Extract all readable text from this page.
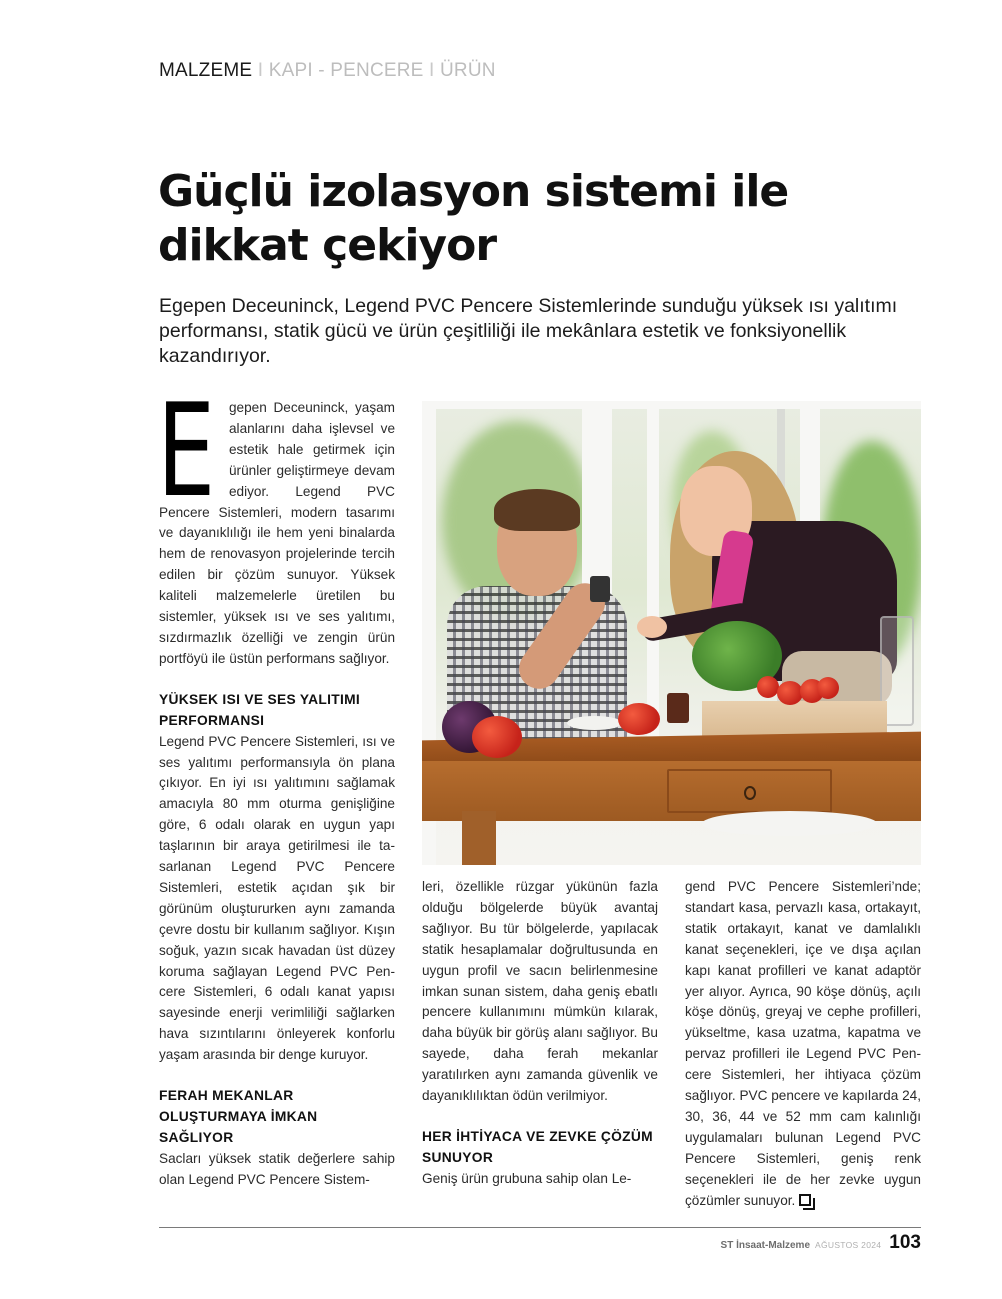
MALZEME I KAPI - PENCERE I ÜRÜN
Güçlü izolasyon sistemi ile dikkat çekiyor

Egepen Deceuninck, Legend PVC Pencere Sistemlerinde sunduğu yüksek ısı yalıtımı performansı, statik gücü ve ürün çeşitliliği ile mekânlara estetik ve fonksiyonellik kazandırıyor.

E gepen Deceuninck, yaşam alanlarını daha işlevsel ve estetik hale getirmek için ürünler geliştirmeye devam ediyor. Legend PVC Pencere Sistemleri, modern tasarımı ve dayanıklılığı ile hem yeni binalarda hem de renovasyon projelerinde tercih edilen bir çözüm sunuyor. Yüksek kaliteli malzemelerle üretilen bu sistemler, yüksek ısı ve ses yalıtımı, sızdırmazlık özelliği ve zengin ürün portföyü ile üstün performans sağlıyor.

YÜKSEK ISI VE SES YALITIMI PERFORMANSI

Legend PVC Pencere Sistemleri, ısı ve ses yalıtımı performansıyla ön plana çıkıyor. En iyi ısı yalıtımını sağlamak amacıyla 80 mm oturma genişliğine göre, 6 odalı olarak en uygun yapı taşlarının bir araya getirilmesi ile tasarlanan Legend PVC Pencere Sistemleri, estetik açıdan şık bir görünüm oluştururken aynı zamanda çevre dostu bir kullanım sağlıyor. Kışın soğuk, yazın sıcak havadan üst düzey koruma sağlayan Legend PVC Pencere Sistemleri, 6 odalı kanat yapısı sayesinde enerji verimliliği sağlarken hava sızıntılarını önleyerek konforlu yaşam arasında bir denge kuruyor.

FERAH MEKANLAR OLUŞTURMAYA İMKAN SAĞLIYOR

Sacları yüksek statik değerlere sahip olan Legend PVC Pencere Sistem-

leri, özellikle rüzgar yükünün fazla olduğu bölgelerde büyük avantaj sağlıyor. Bu tür bölgelerde, yapılacak statik hesaplamalar doğrultusunda en uygun profil ve sacın belirlenmesine imkan sunan sistem, daha geniş ebatlı pencere kullanımını mümkün kılarak, daha büyük bir görüş alanı sağlıyor. Bu sayede, daha ferah mekanlar yaratılırken aynı zamanda güvenlik ve dayanıklılıktan ödün verilmiyor.

HER İHTİYACA VE ZEVKE ÇÖZÜM SUNUYOR

Geniş ürün grubuna sahip olan Le-

gend PVC Pencere Sistemleri’nde; standart kasa, pervazlı kasa, ortakayıt, statik ortakayıt, kanat ve damlalıklı kanat seçenekleri, içe ve dışa açılan kapı kanat profilleri ve kanat adaptör yer alıyor. Ayrıca, 90 köşe dönüş, açılı köşe dönüş, greyaj ve cephe profilleri, yükseltme, kasa uzatma, kapatma ve pervaz profilleri ile Legend PVC Pencere Sistemleri, her ihtiyaca çözüm sağlıyor. PVC pencere ve kapılarda 24, 30, 36, 44 ve 52 mm cam kalınlığı uygulamaları bulunan Legend PVC Pencere Sistemleri, geniş renk seçenekleri ile de her zevke uygun çözümler sunuyor.

ST İnsaat-Malzeme AĞUSTOS 2024 103
